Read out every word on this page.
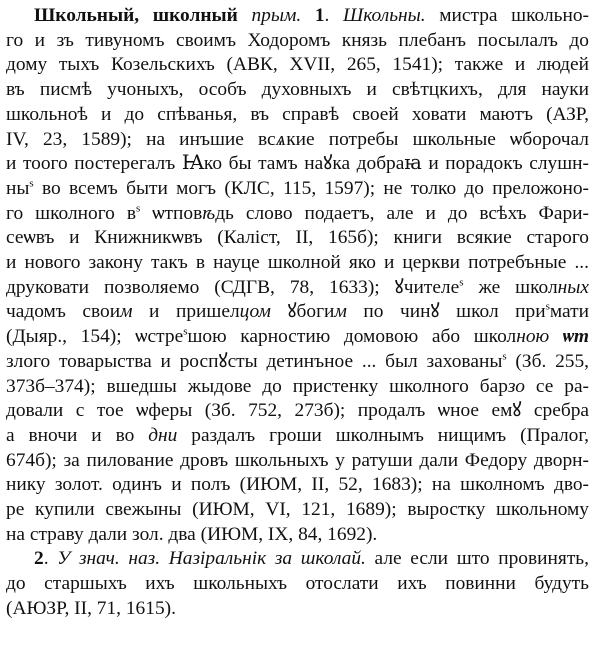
Школьный, школный прым. 1. Школьны. мистра школьно-
го и зъ тивуномъ своимъ Ходоромъ князь плебанъ посылалъ до
дому тыхъ Козельскихъ (АВК, XVII, 265, 1541); также и людей
въ писмѣ учоныхъ, особъ духовныхъ и свѣтцкихъ, для науки
школьноѣ и до спѣванья, въ справѣ своей ховати маютъ (АЗР,
IV, 23, 1589); на инъшие всѧкие потребы школьные ѡборочал
и тоого постерегалъ Ꙗко бы тамъ наꙋка добраꙗ и порадокъ слушн-
$ны^ѕ$ во всемъ быти могъ (КЛС, 115, 1597); не толко до преложоно-
го школного $в^ѕ$ ѡтповѣдь слово подаетъ, але и до всѣхъ Фари-
сеѡвъ и Книжникѡвъ (Каліст, II, 165б); книги всякие старого
и нового закону такъ в науце школной яко и церкви потребъные ...
друковати позволяемо (СДГВ, 78, 1633); ꙋчителе$^ѕ$ же школных
чадомъ своим и пришелцом ꙋбогим по чинꙋ школ при$^ѕ$мати
(Дыяр., 154); ѡстре$^ѕ$шою карностию домовою або школною ѡт
злого товарыства и роспꙋсты детинъное ... был захованы$^ѕ$ (Зб. 255,
373б–374); вшедшы жыдове до пристенку школного барзо се ра-
довали с тое ѡферы (Зб. 752, 273б); продалъ ѡное емꙋ сребра
а вночи и во дни раздалъ гроши школнымъ нищимъ (Пралог,
674б); за пилование дровъ школьныхъ у ратуши дали Федору дворн-
нику золот. одинъ и полъ (ИЮМ, II, 52, 1683); на школномъ дво-
ре купили свежыны (ИЮМ, VI, 121, 1689); выростку школьному
на страву дали зол. два (ИЮМ, IX, 84, 1692).
2. У знач. наз. Назіральнік за школай. але если што провинять,
до старшыхъ ихъ школьныхъ отослати ихъ повинни будуть
(АЮЗР, II, 71, 1615).
